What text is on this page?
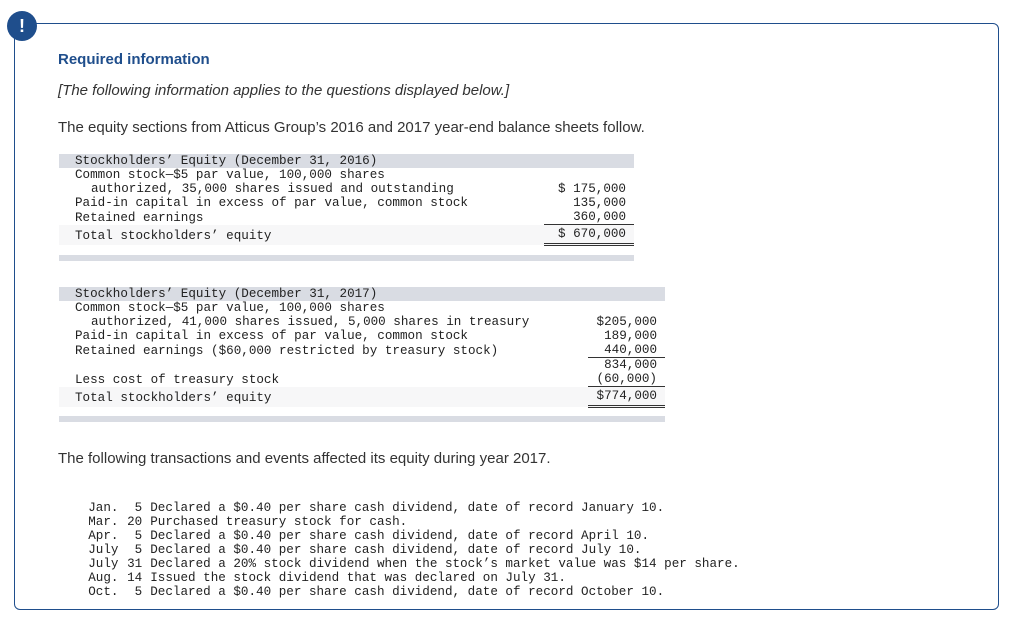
!
Required information
[The following information applies to the questions displayed below.]
The equity sections from Atticus Group’s 2016 and 2017 year-end balance sheets follow.
Stockholders’ Equity (December 31, 2016)	
Common stock—$5 par value, 100,000 shares	
authorized, 35,000 shares issued and outstanding	$ 175,000
Paid-in capital in excess of par value, common stock	135,000
Retained earnings	360,000
Total stockholders’ equity	$ 670,000
Stockholders’ Equity (December 31, 2017)	
Common stock—$5 par value, 100,000 shares	
authorized, 41,000 shares issued, 5,000 shares in treasury	$205,000
Paid-in capital in excess of par value, common stock	189,000
Retained earnings ($60,000 restricted by treasury stock)	440,000
	834,000
Less cost of treasury stock	(60,000)
Total stockholders’ equity	$774,000
The following transactions and events affected its equity during year 2017.

Jan. 5 Declared a $0.40 per share cash dividend, date of record January 10.

Mar. 20 Purchased treasury stock for cash.

Apr. 5 Declared a $0.40 per share cash dividend, date of record April 10.

July 5 Declared a $0.40 per share cash dividend, date of record July 10.

July 31 Declared a 20% stock dividend when the stock’s market value was $14 per share.

Aug. 14 Issued the stock dividend that was declared on July 31.

Oct. 5 Declared a $0.40 per share cash dividend, date of record October 10.
